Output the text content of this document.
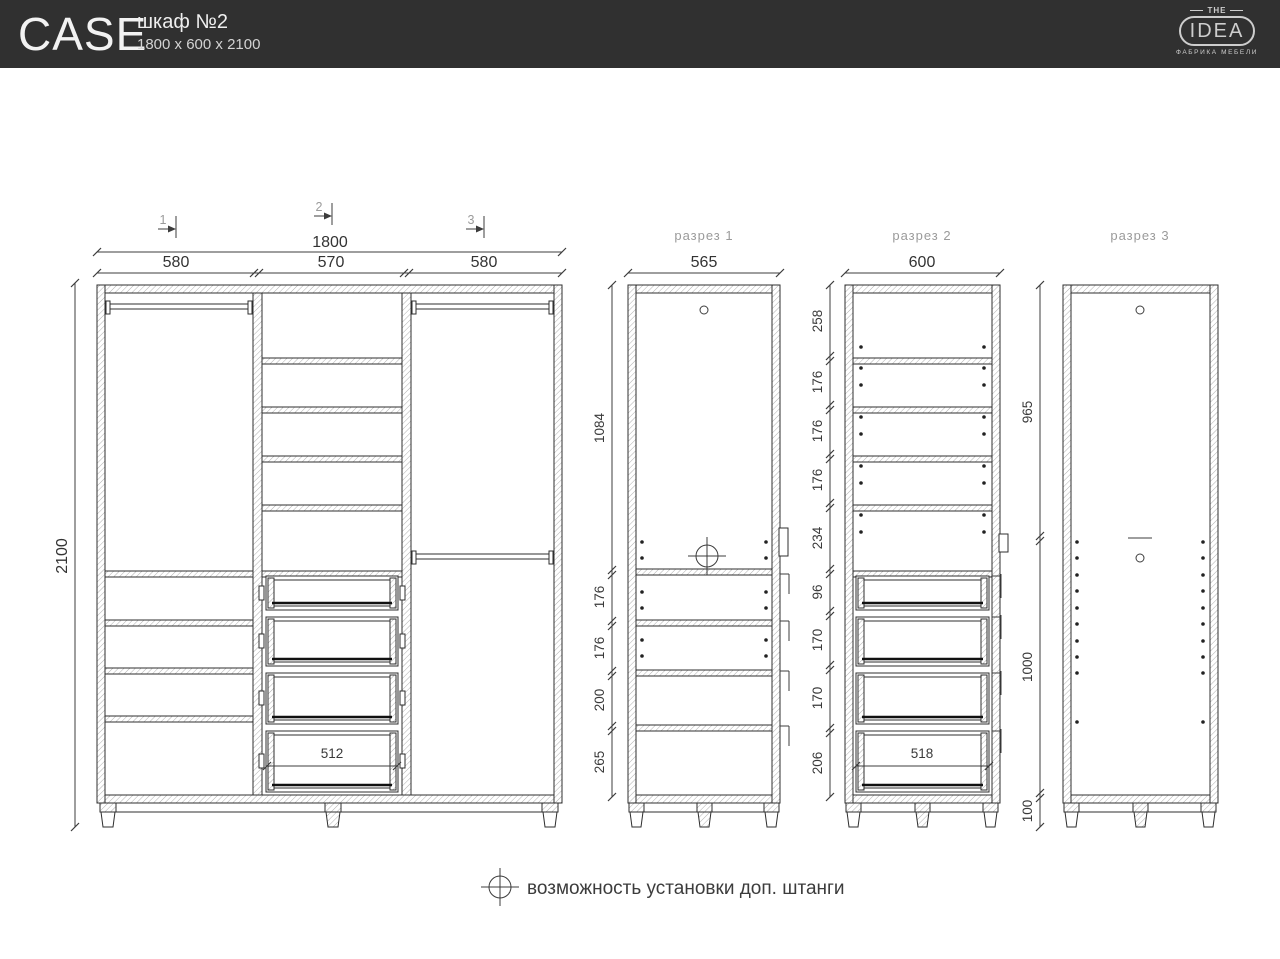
CASE
шкаф №2
1800 x 600 x 2100
THE
IDEA
ФАБРИКА МЕБЕЛИ
512
1
2
3
1800
580	570	580
2100
разрез 1
565
1084
176
176
200
265
разрез 2
600
518
258
176
176
176
234
96
170
170
206
разрез 3
965
1000
100
возможность установки доп. штанги
